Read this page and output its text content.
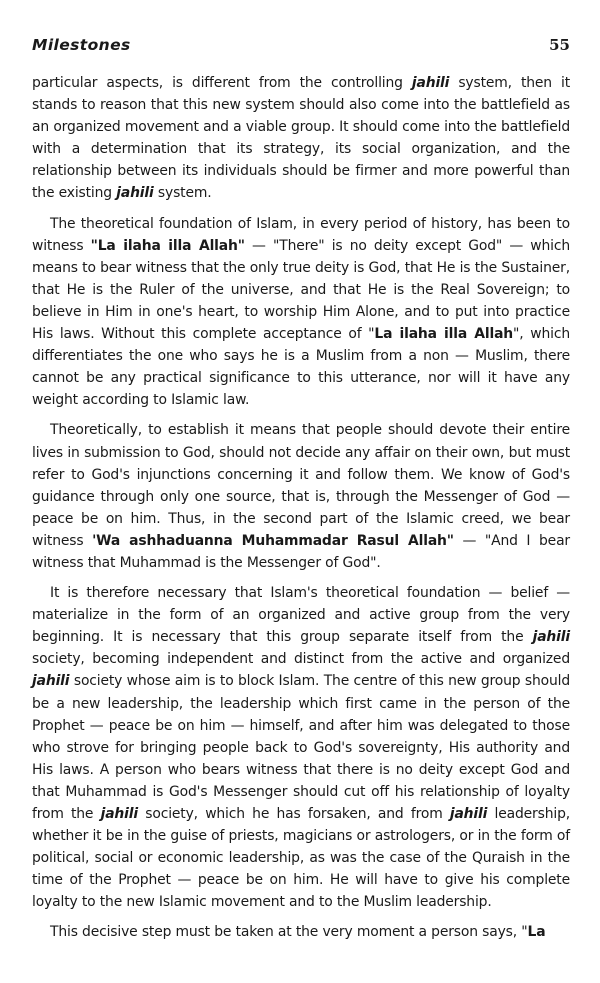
Milestones	55

particular aspects, is different from the controlling jahili system, then it stands to reason that this new system should also come into the battlefield as an organized movement and a viable group. It should come into the battlefield with a determination that its strategy, its social organization, and the relationship between its individuals should be firmer and more powerful than the existing jahili system.

The theoretical foundation of Islam, in every period of history, has been to witness "La ilaha illa Allah" — "There" is no deity except God" — which means to bear witness that the only true deity is God, that He is the Sustainer, that He is the Ruler of the universe, and that He is the Real Sovereign; to believe in Him in one's heart, to worship Him Alone, and to put into practice His laws. Without this complete acceptance of "La ilaha illa Allah", which differentiates the one who says he is a Muslim from a non — Muslim, there cannot be any practical significance to this utterance, nor will it have any weight according to Islamic law.

Theoretically, to establish it means that people should devote their entire lives in submission to God, should not decide any affair on their own, but must refer to God's injunctions concerning it and follow them. We know of God's guidance through only one source, that is, through the Messenger of God — peace be on him. Thus, in the second part of the Islamic creed, we bear witness 'Wa ashhaduanna Muhammadar Rasul Allah" — "And I bear witness that Muhammad is the Messenger of God".

It is therefore necessary that Islam's theoretical foundation — belief — materialize in the form of an organized and active group from the very beginning. It is necessary that this group separate itself from the jahili society, becoming independent and distinct from the active and organized jahili society whose aim is to block Islam. The centre of this new group should be a new leadership, the leadership which first came in the person of the Prophet — peace be on him — himself, and after him was delegated to those who strove for bringing people back to God's sovereignty, His authority and His laws. A person who bears witness that there is no deity except God and that Muhammad is God's Messenger should cut off his relationship of loyalty from the jahili society, which he has forsaken, and from jahili leadership, whether it be in the guise of priests, magicians or astrologers, or in the form of political, social or economic leadership, as was the case of the Quraish in the time of the Prophet — peace be on him. He will have to give his complete loyalty to the new Islamic movement and to the Muslim leadership.

This decisive step must be taken at the very moment a person says, "La
